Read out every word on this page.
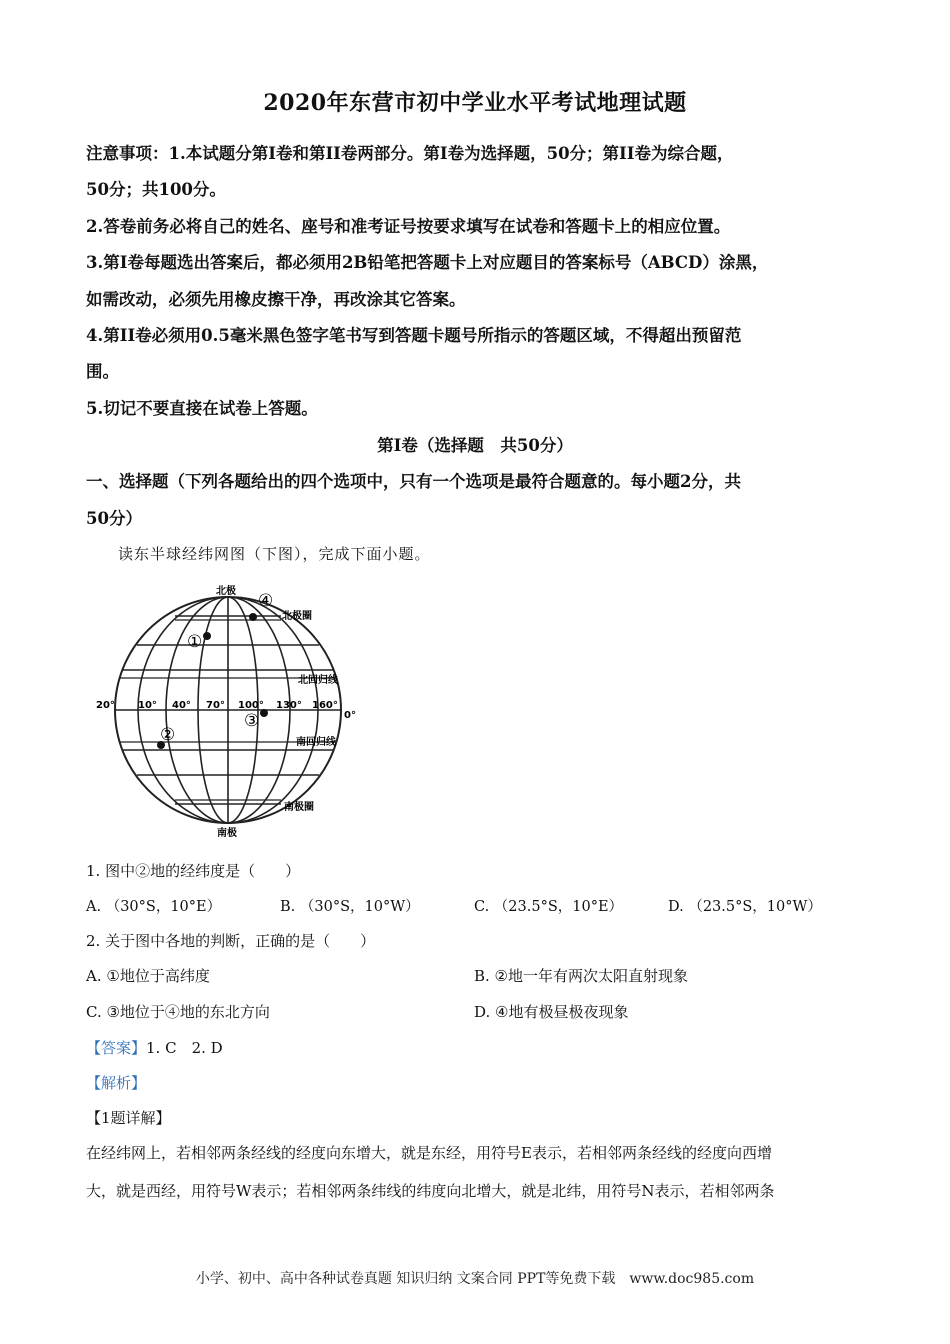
2020年东营市初中学业水平考试地理试题
注意事项：1.本试题分第I卷和第II卷两部分。第I卷为选择题，50分；第II卷为综合题，
50分；共100分。
2.答卷前务必将自己的姓名、座号和准考证号按要求填写在试卷和答题卡上的相应位置。
3.第I卷每题选出答案后，都必须用2B铅笔把答题卡上对应题目的答案标号（ABCD）涂黑，
如需改动，必须先用橡皮擦干净，再改涂其它答案。
4.第II卷必须用0.5毫米黑色签字笔书写到答题卡题号所指示的答题区域，不得超出预留范
围。
5.切记不要直接在试卷上答题。
第I卷（选择题　共50分）
一、选择题（下列各题给出的四个选项中，只有一个选项是最符合题意的。每小题2分，共
50分）
读东半球经纬网图（下图），完成下面小题。
①
②
③
④
北极
南极
北极圈
南极圈
北回归线
南回归线
20° 10° 40° 70° 100° 130° 160°
0°
1. 图中②地的经纬度是（　　）
A. （30°S，10°E）	B. （30°S，10°W）	C. （23.5°S，10°E）	D. （23.5°S，10°W）
2. 关于图中各地的判断，正确的是（　　）
A. ①地位于高纬度	B. ②地一年有两次太阳直射现象
C. ③地位于④地的东北方向	D. ④地有极昼极夜现象
【答案】1. C　2. D
【解析】
【1题详解】
在经纬网上，若相邻两条经线的经度向东增大，就是东经，用符号E表示，若相邻两条经线的经度向西增
大，就是西经，用符号W表示；若相邻两条纬线的纬度向北增大，就是北纬，用符号N表示，若相邻两条
小学、初中、高中各种试卷真题 知识归纳 文案合同 PPT等免费下载　www.doc985.com
